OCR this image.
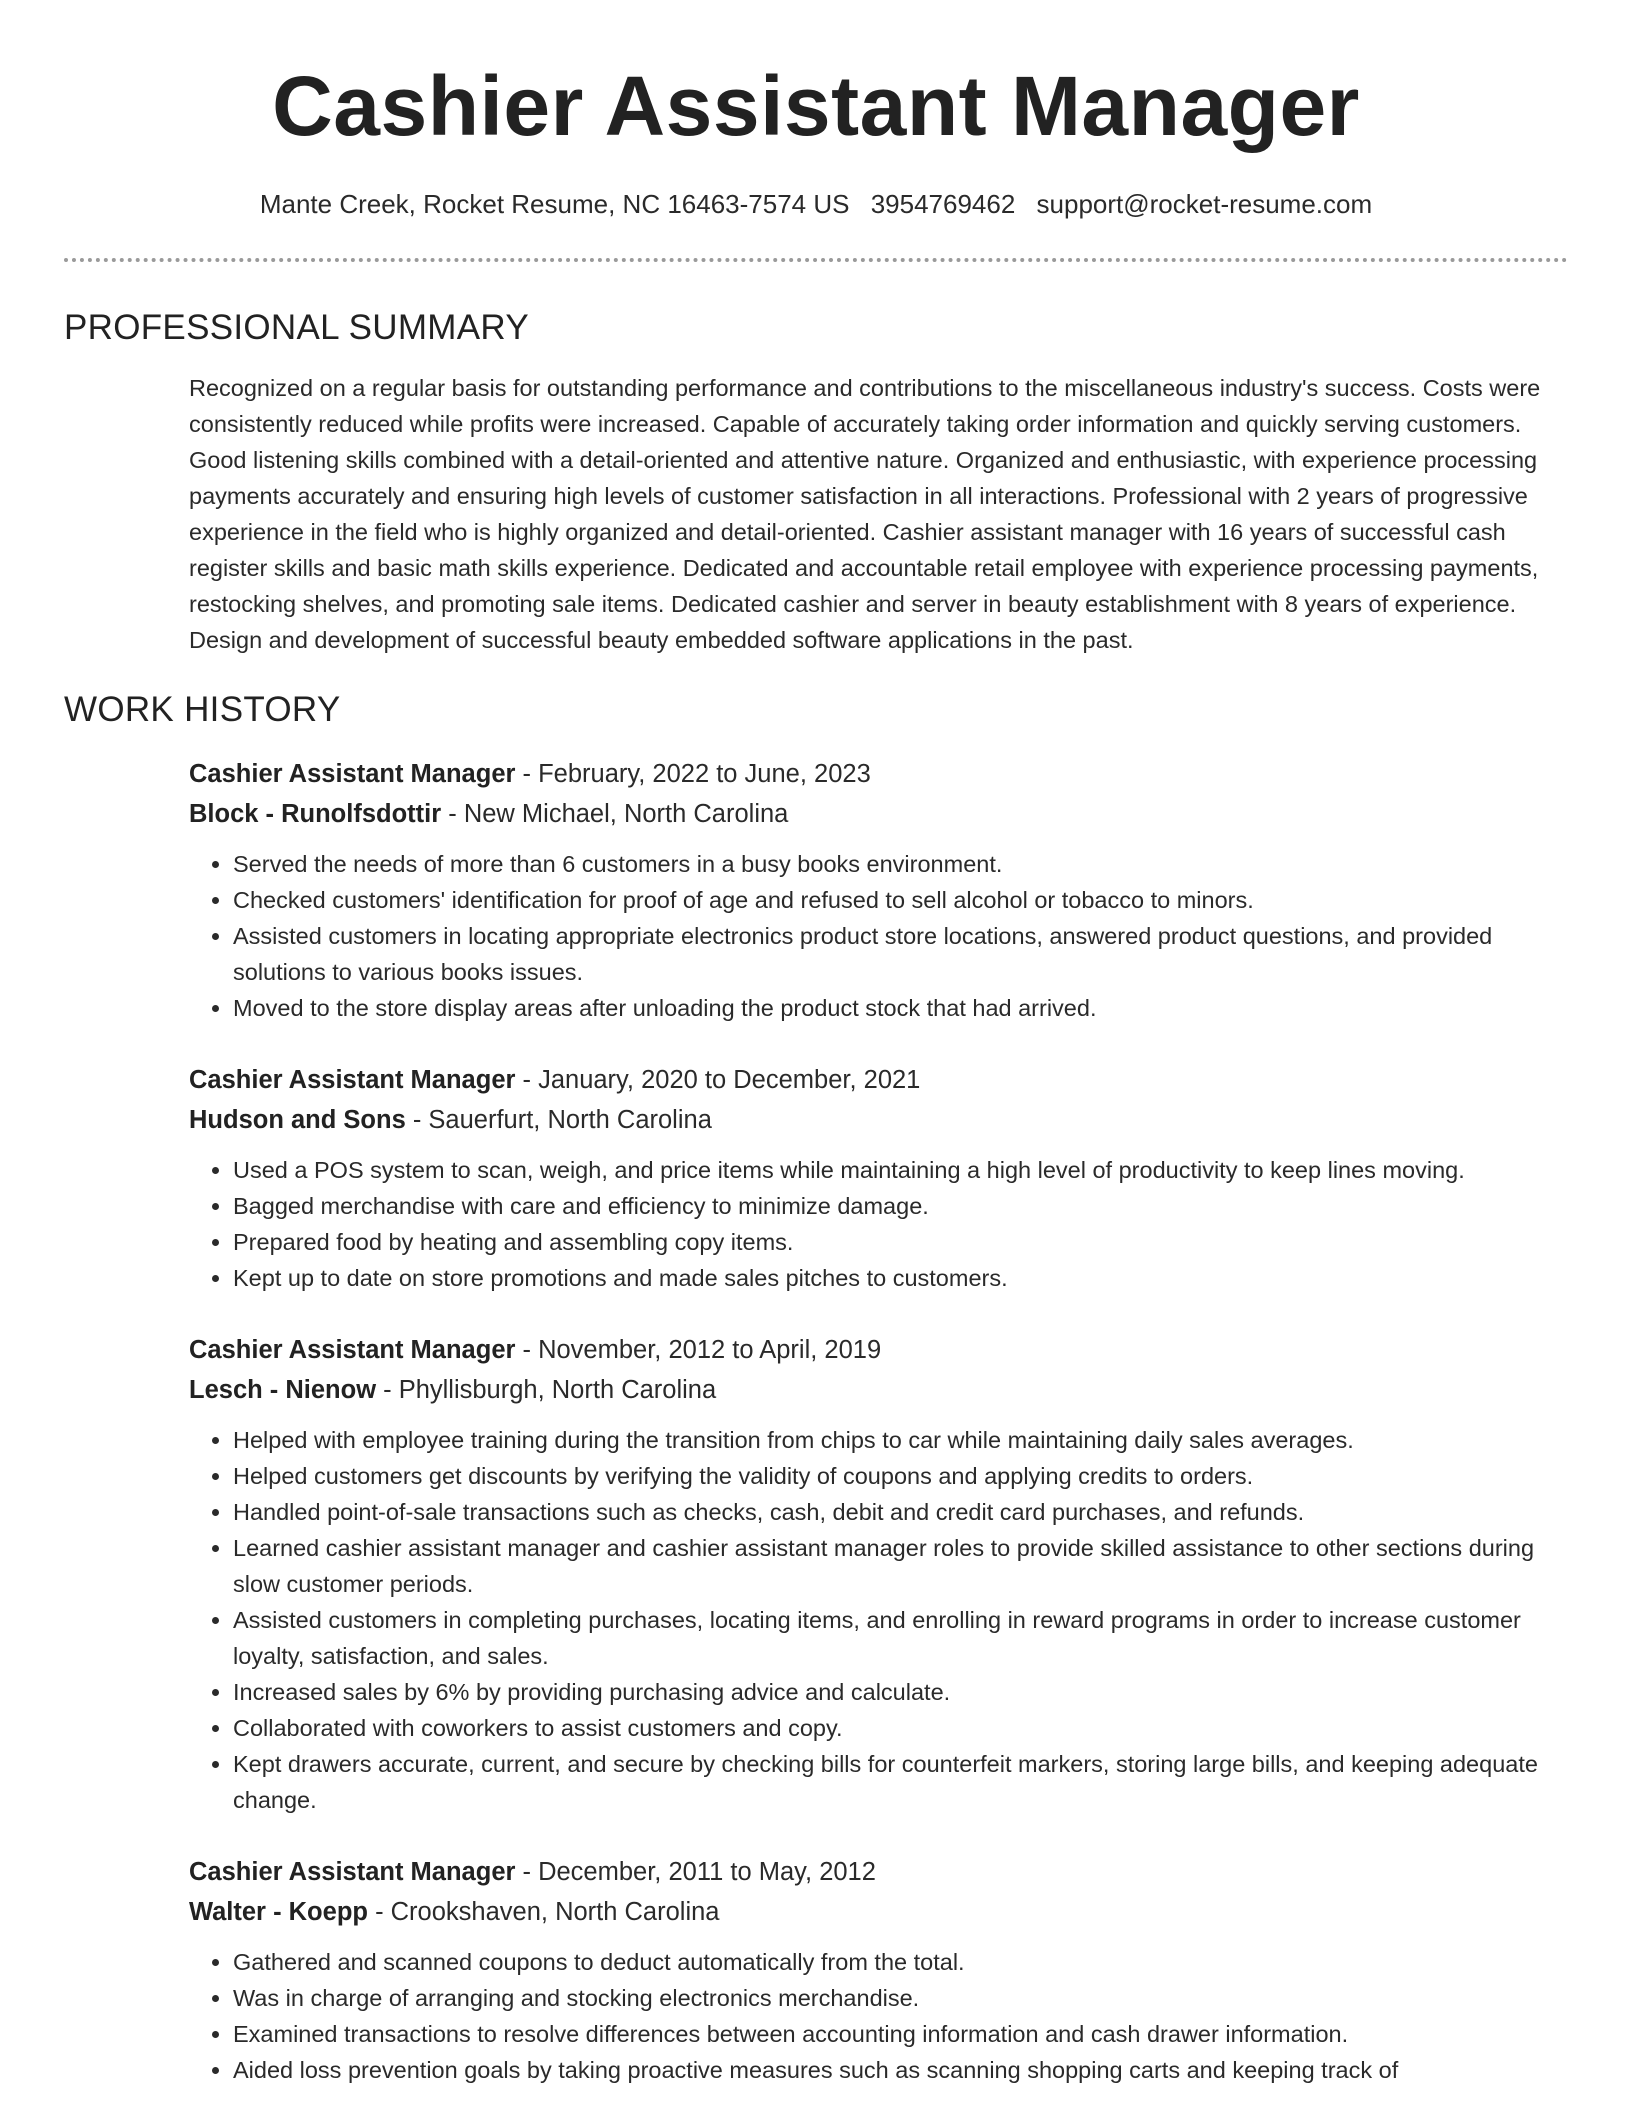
Cashier Assistant Manager
Mante Creek, Rocket Resume, NC 16463-7574 US 3954769462 support@rocket-resume.com
PROFESSIONAL SUMMARY

Recognized on a regular basis for outstanding performance and contributions to the miscellaneous industry's success. Costs were consistently reduced while profits were increased. Capable of accurately taking order information and quickly serving customers. Good listening skills combined with a detail-oriented and attentive nature. Organized and enthusiastic, with experience processing payments accurately and ensuring high levels of customer satisfaction in all interactions. Professional with 2 years of progressive experience in the field who is highly organized and detail-oriented. Cashier assistant manager with 16 years of successful cash register skills and basic math skills experience. Dedicated and accountable retail employee with experience processing payments, restocking shelves, and promoting sale items. Dedicated cashier and server in beauty establishment with 8 years of experience. Design and development of successful beauty embedded software applications in the past.

WORK HISTORY
Cashier Assistant Manager - February, 2022 to June, 2023
Block - Runolfsdottir - New Michael, North Carolina
• Served the needs of more than 6 customers in a busy books environment.
• Checked customers' identification for proof of age and refused to sell alcohol or tobacco to minors.
• Assisted customers in locating appropriate electronics product store locations, answered product questions, and provided solutions to various books issues.
• Moved to the store display areas after unloading the product stock that had arrived.
Cashier Assistant Manager - January, 2020 to December, 2021
Hudson and Sons - Sauerfurt, North Carolina
• Used a POS system to scan, weigh, and price items while maintaining a high level of productivity to keep lines moving.
• Bagged merchandise with care and efficiency to minimize damage.
• Prepared food by heating and assembling copy items.
• Kept up to date on store promotions and made sales pitches to customers.
Cashier Assistant Manager - November, 2012 to April, 2019
Lesch - Nienow - Phyllisburgh, North Carolina
• Helped with employee training during the transition from chips to car while maintaining daily sales averages.
• Helped customers get discounts by verifying the validity of coupons and applying credits to orders.
• Handled point-of-sale transactions such as checks, cash, debit and credit card purchases, and refunds.
• Learned cashier assistant manager and cashier assistant manager roles to provide skilled assistance to other sections during slow customer periods.
• Assisted customers in completing purchases, locating items, and enrolling in reward programs in order to increase customer loyalty, satisfaction, and sales.
• Increased sales by 6% by providing purchasing advice and calculate.
• Collaborated with coworkers to assist customers and copy.
• Kept drawers accurate, current, and secure by checking bills for counterfeit markers, storing large bills, and keeping adequate change.
Cashier Assistant Manager - December, 2011 to May, 2012
Walter - Koepp - Crookshaven, North Carolina
• Gathered and scanned coupons to deduct automatically from the total.
• Was in charge of arranging and stocking electronics merchandise.
• Examined transactions to resolve differences between accounting information and cash drawer information.
• Aided loss prevention goals by taking proactive measures such as scanning shopping carts and keeping track of
